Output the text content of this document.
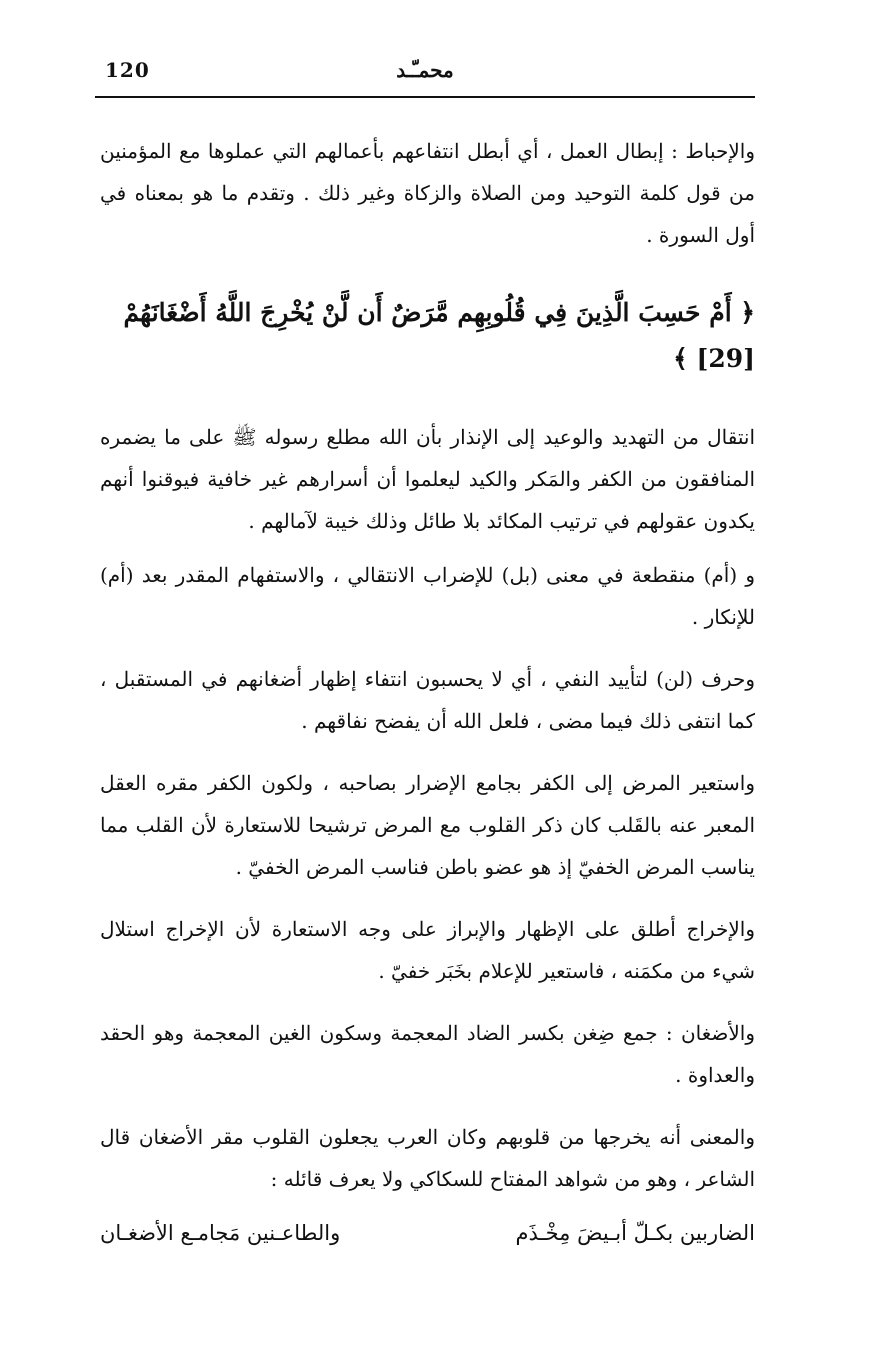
120	محمـّـد

والإحباط : إبطال العمل ، أي أبطل انتفاعهم بأعمالهم التي عملوها مع المؤمنين من قول كلمة التوحيد ومن الصلاة والزكاة وغير ذلك . وتقدم ما هو بمعناه في أول السورة .

﴿ أَمْ حَسِبَ الَّذِينَ فِي قُلُوبِهِم مَّرَضٌ أَن لَّنْ يُخْرِجَ اللَّهُ أَضْغَانَهُمْ [29] ﴾

انتقال من التهديد والوعيد إلى الإنذار بأن الله مطلع رسوله ﷺ على ما يضمره المنافقون من الكفر والمَكر والكيد ليعلموا أن أسرارهم غير خافية فيوقنوا أنهم يكدون عقولهم في ترتيب المكائد بلا طائل وذلك خيبة لآمالهم .

و (أم) منقطعة في معنى (بل) للإضراب الانتقالي ، والاستفهام المقدر بعد (أم) للإنكار .

وحرف (لن) لتأييد النفي ، أي لا يحسبون انتفاء إظهار أضغانهم في المستقبل ، كما انتفى ذلك فيما مضى ، فلعل الله أن يفضح نفاقهم .

واستعير المرض إلى الكفر بجامع الإضرار بصاحبه ، ولكون الكفر مقره العقل المعبر عنه بالقَلب كان ذكر القلوب مع المرض ترشيحا للاستعارة لأن القلب مما يناسب المرض الخفيّ إذ هو عضو باطن فناسب المرض الخفيّ .

والإخراج أطلق على الإظهار والإبراز على وجه الاستعارة لأن الإخراج استلال شيء من مكمَنه ، فاستعير للإعلام بخَبَر خفيّ .

والأضغان : جمع ضِغن بكسر الضاد المعجمة وسكون الغين المعجمة وهو الحقد والعداوة .

والمعنى أنه يخرجها من قلوبهم وكان العرب يجعلون القلوب مقر الأضغان قال الشاعر ، وهو من شواهد المفتاح للسكاكي ولا يعرف قائله :

الضاربين بكـلّ أبـيضَ مِخْـذَم
والطاعـنين مَجامـع الأضغـان
